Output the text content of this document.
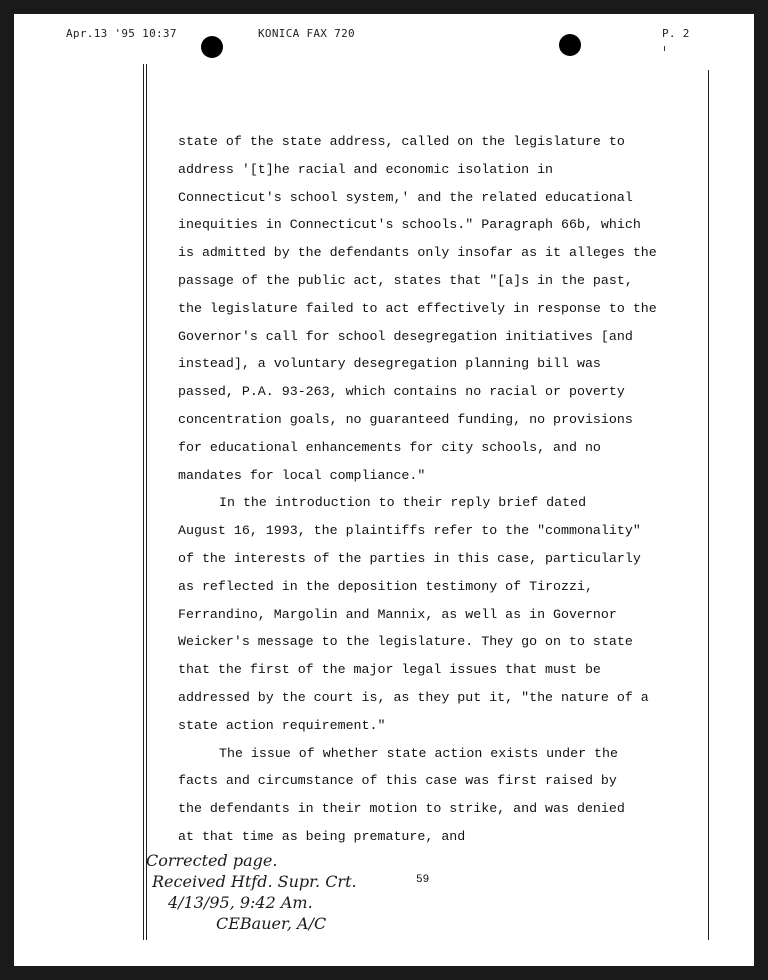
Apr.13 '95 10:37	KONICA FAX 720	P. 2
state of the state address, called on the legislature to
address '[t]he racial and economic isolation in
Connecticut's school system,' and the related educational
inequities in Connecticut's schools." Paragraph 66b, which
is admitted by the defendants only insofar as it alleges the
passage of the public act, states that "[a]s in the past,
the legislature failed to act effectively in response to the
Governor's call for school desegregation initiatives [and
instead], a voluntary desegregation planning bill was
passed, P.A. 93-263, which contains no racial or poverty
concentration goals, no guaranteed funding, no provisions
for educational enhancements for city schools, and no
mandates for local compliance."
In the introduction to their reply brief dated
August 16, 1993, the plaintiffs refer to the "commonality"
of the interests of the parties in this case, particularly
as reflected in the deposition testimony of Tirozzi,
Ferrandino, Margolin and Mannix, as well as in Governor
Weicker's message to the legislature. They go on to state
that the first of the major legal issues that must be
addressed by the court is, as they put it, "the nature of a
state action requirement."
The issue of whether state action exists under the
facts and circumstance of this case was first raised by
the defendants in their motion to strike, and was denied
at that time as being premature, and
59
Corrected page.
Received Htfd. Supr. Crt.
4/13/95, 9:42 Am.
CEBauer, A/C
